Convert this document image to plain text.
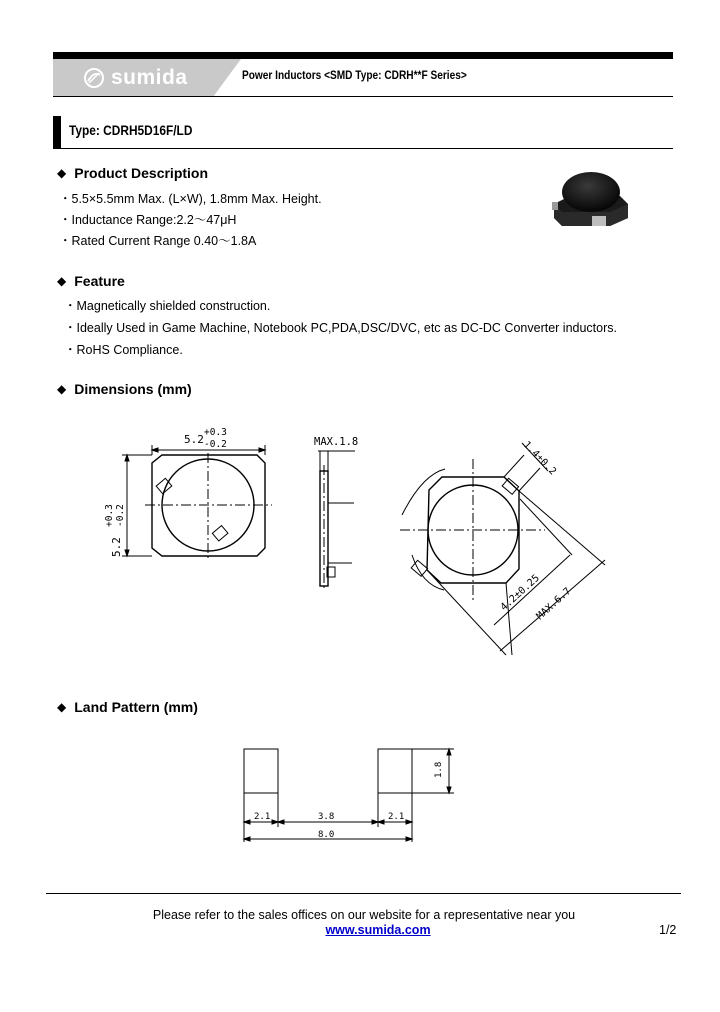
sumida	Power Inductors <SMD Type: CDRH**F Series>
Type: CDRH5D16F/LD
◆ Product Description
・5.5×5.5mm Max. (L×W), 1.8mm Max. Height.
・Inductance Range:2.2～47μH
・Rated Current Range 0.40～1.8A
◆ Feature
・Magnetically shielded construction.
・Ideally Used in Game Machine, Notebook PC,PDA,DSC/DVC, etc as DC-DC Converter inductors.
・RoHS Compliance.
◆ Dimensions (mm)
5.2
+0.3
-0.2
5.2
+0.3 -0.2
MAX.1.8	1.4±0.2
4.2±0.25
MAX.6.7
◆ Land Pattern (mm)
1.8
2.1	3.8	2.1
8.0
Please refer to the sales offices on our website for a representative near you
www.sumida.com	1/2
